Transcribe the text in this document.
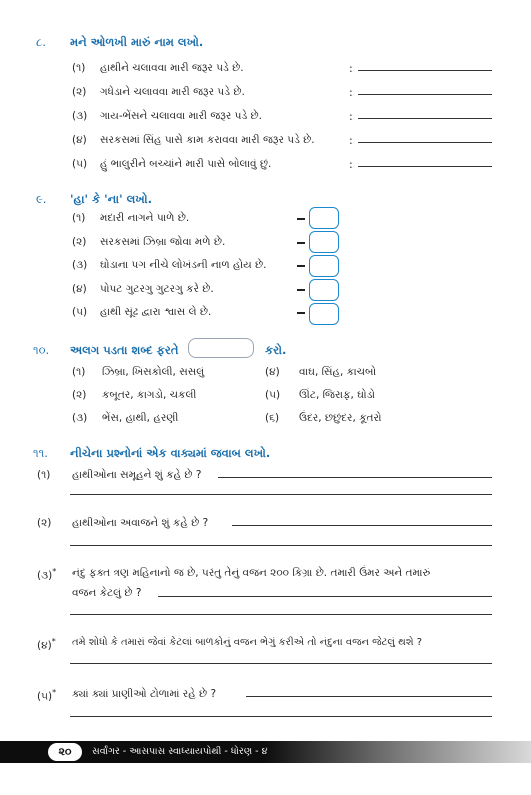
૮. મને ઓળખી મારું નામ લખો.
(૧) હાથીને ચલાવવા મારી જરૂર પડે છે.	:
(૨) ગધેડાને ચલાવવા મારી જરૂર પડે છે.	:
(૩) ગાય-ભેંસને ચલાવવા મારી જરૂર પડે છે.	:
(૪) સરકસમાં સિંહ પાસે કામ કરાવવા મારી જરૂર પડે છે.	:
(૫) હું ભાલુરીને બચ્ચાંને મારી પાસે બોલાવું છું.	:
૯. 'હા' કે 'ના' લખો.
(૧) મદારી નાગને પાળે છે.
(૨) સરકસમાં ઝિબ્રા જોવા મળે છે.
(૩) ઘોડાના પગ નીચે લોખંડની નાળ હોય છે.
(૪) પોપટ ગુટરગુ ગુટરગુ કરે છે.
(૫) હાથી સૂંઢ દ્વારા શ્વાસ લે છે.
૧૦. અલગ પડતા શબ્દ ફરતે	કરો.
(૧) ઝિબ્રા, ખિસકોલી, સસલું	(૪) વાઘ, સિંહ, કાચબો
(૨) કબૂતર, કાગડો, ચકલી	(૫) ઊંટ, જિરાફ, ઘોડો
(૩) ભેંસ, હાથી, હરણી	(૬) ઉંદર, છછુંદર, કૂતરો
૧૧. નીચેના પ્રશ્નોનાં એક વાક્યમાં જવાબ લખો.
(૧) હાથીઓના સમૂહને શું કહે છે ?
(૨) હાથીઓના અવાજને શું કહે છે ?
(૩)* નંદુ ફક્ત ત્રણ મહિનાનો જ છે, પરંતુ તેનું વજન ૨૦૦ કિગ્રા છે. તમારી ઉંમર અને તમારું
વજન કેટલું છે ?
(૪)* તમે શોધો કે તમારાં જેવાં કેટલાં બાળકોનું વજન ભેગું કરીએ તો નંદુના વજન જેટલું થશે ?
(૫)* ક્યાં ક્યાં પ્રાણીઓ ટોળામાં રહે છે ?
૨૦	સર્વાંગર - આસપાસ સ્વાધ્યાયપોથી - ધોરણ - ૪
